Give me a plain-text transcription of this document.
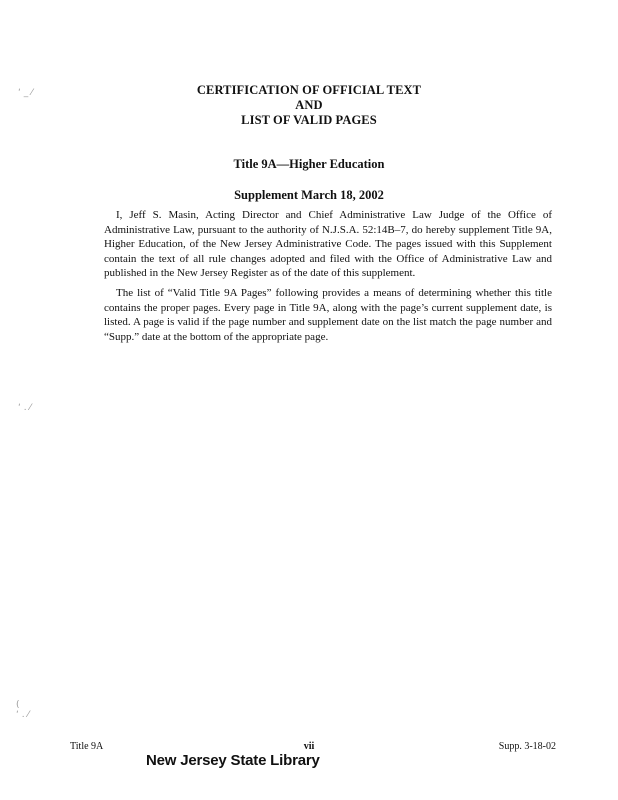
‘ _ ⁄
‘ . ⁄
(
‘ . ⁄
CERTIFICATION OF OFFICIAL TEXT
AND
LIST OF VALID PAGES
Title 9A—Higher Education
Supplement March 18, 2002

I, Jeff S. Masin, Acting Director and Chief Administrative Law Judge of the Office of Administrative Law, pursuant to the authority of N.J.S.A. 52:14B–7, do hereby supplement Title 9A, Higher Education, of the New Jersey Administrative Code. The pages issued with this Supplement contain the text of all rule changes adopted and filed with the Office of Administrative Law and published in the New Jersey Register as of the date of this supplement.

The list of “Valid Title 9A Pages” following provides a means of determining whether this title contains the proper pages. Every page in Title 9A, along with the page’s current supplement date, is listed. A page is valid if the page number and supplement date on the list match the page number and “Supp.” date at the bottom of the appropriate page.

Title 9A	vii	Supp. 3-18-02
New Jersey State Library
